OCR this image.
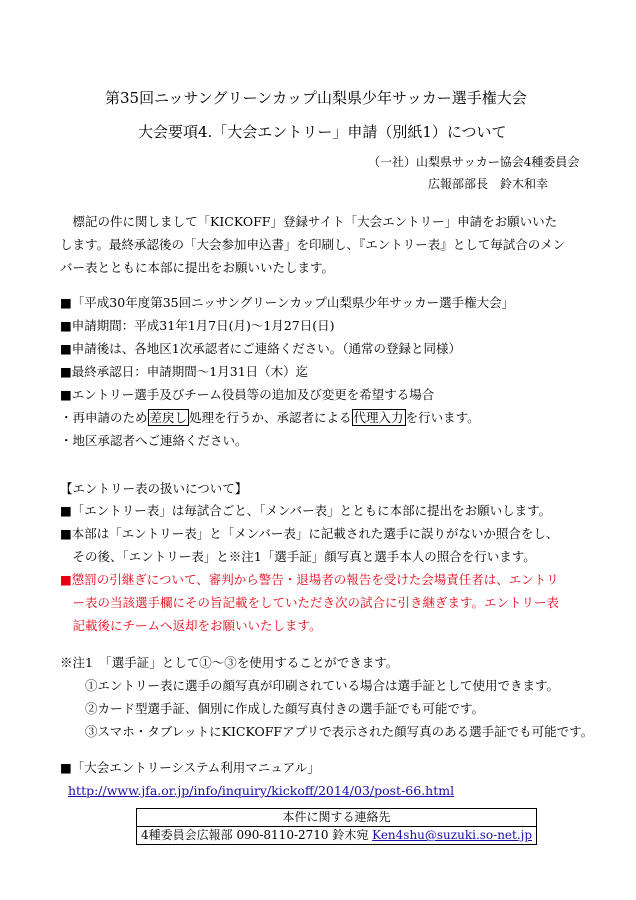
第35回ニッサングリーンカップ山梨県少年サッカー選手権大会
大会要項4.「大会エントリー」申請（別紙1）について
（一社）山梨県サッカー協会4種委員会
広報部部長　鈴木和幸
　標記の件に関しまして「KICKOFF」登録サイト「大会エントリー」申請をお願いいた
します。最終承認後の「大会参加申込書」を印刷し、『エントリー表』として毎試合のメン
バー表とともに本部に提出をお願いいたします。
■「平成30年度第35回ニッサングリーンカップ山梨県少年サッカー選手権大会」
■申請期間：平成31年1月7日(月)～1月27日(日)
■申請後は、各地区1次承認者にご連絡ください。（通常の登録と同様）
■最終承認日：申請期間～1月31日（木）迄
■エントリー選手及びチーム役員等の追加及び変更を希望する場合
・再申請のため 差戻し 処理を行うか、承認者による 代理入力 を行います。
・地区承認者へご連絡ください。
【エントリー表の扱いについて】
■「エントリー表」は毎試合ごと、「メンバー表」とともに本部に提出をお願いします。
■本部は「エントリー表」と「メンバー表」に記載された選手に誤りがないか照合をし、
　その後、「エントリー表」と※注1「選手証」顔写真と選手本人の照合を行います。
■懲罰の引継ぎについて、審判から警告・退場者の報告を受けた会場責任者は、エントリ
　ー表の当該選手欄にその旨記載をしていただき次の試合に引き継ぎます。エントリー表
　記載後にチームへ返却をお願いいたします。
※注1　「選手証」として①～③を使用することができます。
　　①エントリー表に選手の顔写真が印刷されている場合は選手証として使用できます。
　　②カード型選手証、個別に作成した顔写真付きの選手証でも可能です。
　　③スマホ・タブレットにKICKOFFアプリで表示された顔写真のある選手証でも可能です。
■「大会エントリーシステム利用マニュアル」
http://www.jfa.or.jp/info/inquiry/kickoff/2014/03/post-66.html
本件に関する連絡先
4種委員会広報部 090-8110-2710 鈴木宛 Ken4shu@suzuki.so-net.jp
